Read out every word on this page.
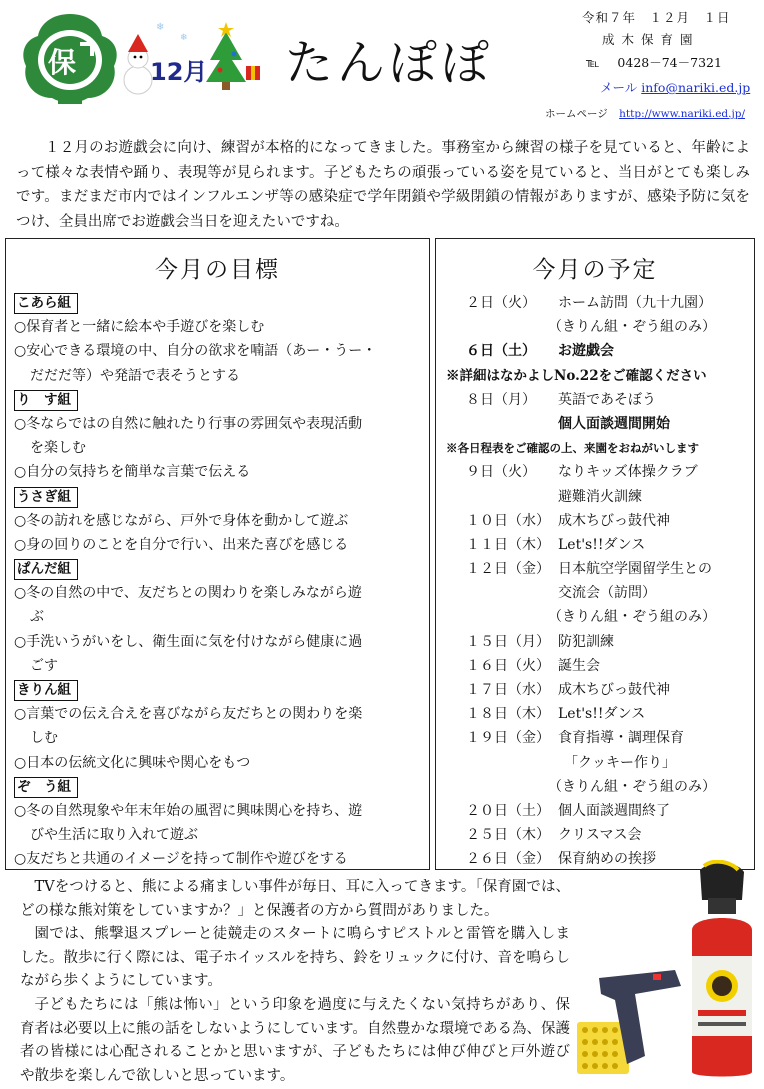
保
❄
❄
12月 たんぽぽ
令和７年　１２月　１日
成木保育園
℡ 0428－74－7321
メール info@nariki.ed.jp
ホームページ http://www.nariki.ed.jp/
１２月のお遊戯会に向け、練習が本格的になってきました。事務室から練習の様子を見ていると、年齢によって様々な表情や踊り、表現等が見られます。子どもたちの頑張っている姿を見ていると、当日がとても楽しみです。まだまだ市内ではインフルエンザ等の感染症で学年閉鎖や学級閉鎖の情報がありますが、感染予防に気をつけ、全員出席でお遊戯会当日を迎えたいですね。
今月の目標
こあら組
○保育者と一緒に絵本や手遊びを楽しむ
○安心できる環境の中、自分の欲求を喃語（あー・うー・
だだだ等）や発語で表そうとする
り　す組
○冬ならではの自然に触れたり行事の雰囲気や表現活動
を楽しむ
○自分の気持ちを簡単な言葉で伝える
うさぎ組
○冬の訪れを感じながら、戸外で身体を動かして遊ぶ
○身の回りのことを自分で行い、出来た喜びを感じる
ぱんだ組
○冬の自然の中で、友だちとの関わりを楽しみながら遊
ぶ
○手洗いうがいをし、衛生面に気を付けながら健康に過
ごす
きりん組
○言葉での伝え合えを喜びながら友だちとの関わりを楽
しむ
○日本の伝統文化に興味や関心をもつ
ぞ　う組
○冬の自然現象や年末年始の風習に興味関心を持ち、遊
びや生活に取り入れて遊ぶ
○友だちと共通のイメージを持って制作や遊びをする
今月の予定
２日（火） ホーム訪問（九十九園）
（きりん組・ぞう組のみ）
６日（土） お遊戯会
※詳細はなかよしNo.22をご確認ください
８日（月） 英語であそぼう
個人面談週間開始
※各日程表をご確認の上、来園をおねがいします
９日（火） なりキッズ体操クラブ
避難消火訓練
１０日（水） 成木ちびっ鼓代神
１１日（木） Let's!!ダンス
１２日（金） 日本航空学園留学生との
交流会（訪問）
（きりん組・ぞう組のみ）
１５日（月） 防犯訓練
１６日（火） 誕生会
１７日（水） 成木ちびっ鼓代神
１８日（木） Let's!!ダンス
１９日（金） 食育指導・調理保育
「クッキー作り」
（きりん組・ぞう組のみ）
２０日（土） 個人面談週間終了
２５日（木） クリスマス会
２６日（金） 保育納めの挨拶

TVをつけると、熊による痛ましい事件が毎日、耳に入ってきます。「保育園では、どの様な熊対策をしていますか？」と保護者の方から質問がありました。

園では、熊撃退スプレーと徒競走のスタートに鳴らすピストルと雷管を購入しました。散歩に行く際には、電子ホイッスルを持ち、鈴をリュックに付け、音を鳴らしながら歩くようにしています。

子どもたちには「熊は怖い」という印象を過度に与えたくない気持ちがあり、保育者は必要以上に熊の話をしないようにしています。自然豊かな環境である為、保護者の皆様には心配されることかと思いますが、子どもたちには伸び伸びと戸外遊びや散歩を楽しんで欲しいと思っています。
